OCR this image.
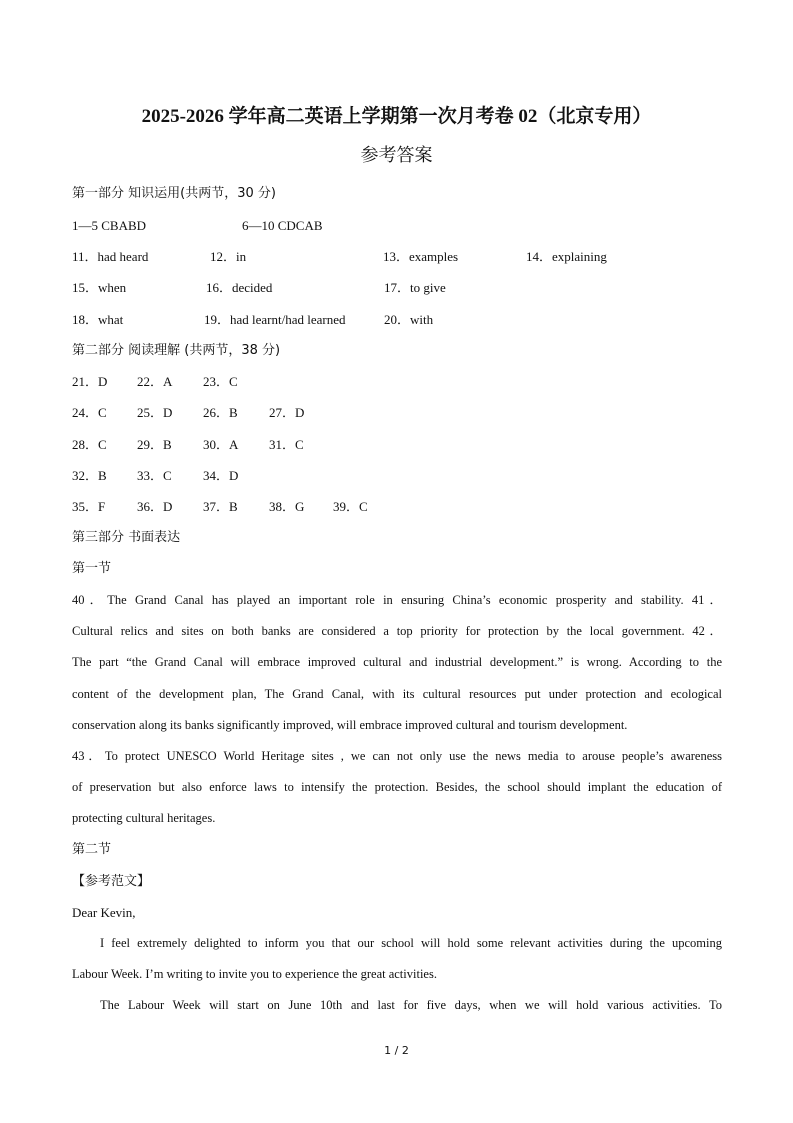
2025-2026 学年高二英语上学期第一次月考卷 02（北京专用）
参考答案
第一部分 知识运用(共两节，30 分)
1—5 CBABD	6—10 CDCAB
11．had heard	12．in	13．examples	14．explaining
15．when	16．decided	17．to give
18．what	19．had learnt/had learned	20．with
第二部分 阅读理解 (共两节，38 分)
21．D 22．A 23．C
24．C 25．D 26．B 27．D
28．C 29．B 30．A 31．C
32．B 33．C 34．D
35．F 36．D 37．B 38．G 39．C
第三部分 书面表达
第一节
40．The Grand Canal has played an important role in ensuring China’s economic prosperity and stability. 41．
Cultural relics and sites on both banks are considered a top priority for protection by the local government. 42．
The part “the Grand Canal will embrace improved cultural and industrial development.” is wrong. According to the
content of the development plan, The Grand Canal, with its cultural resources put under protection and ecological
conservation along its banks significantly improved, will embrace improved cultural and tourism development.
43．To protect UNESCO World Heritage sites , we can not only use the news media to arouse people’s awareness
of preservation but also enforce laws to intensify the protection. Besides, the school should implant the education of
protecting cultural heritages.
第二节
【参考范文】
Dear Kevin,
I feel extremely delighted to inform you that our school will hold some relevant activities during the upcoming
Labour Week. I’m writing to invite you to experience the great activities.
The Labour Week will start on June 10th and last for five days, when we will hold various activities. To
1 / 2
